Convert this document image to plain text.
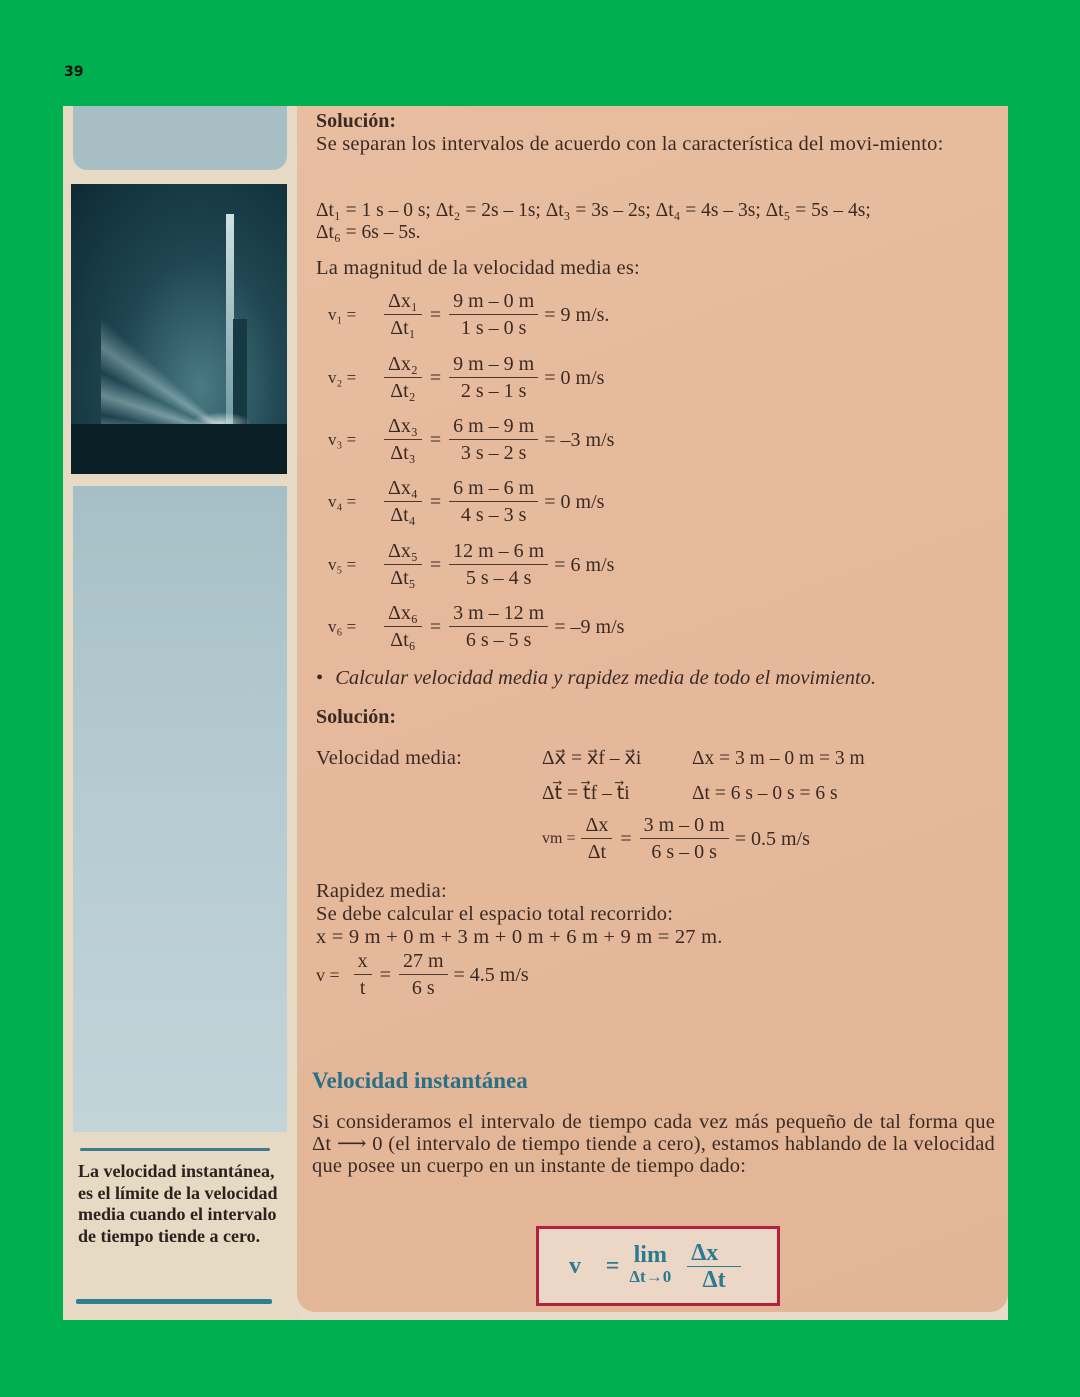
39
La velocidad instantánea, es el límite de la velocidad media cuando el intervalo de tiempo tiende a cero.
Solución:
Se separan los intervalos de acuerdo con la característica del movi-miento:
Δt₁ = 1 s – 0 s; Δt₂ = 2s – 1s; Δt₃ = 3s – 2s; Δt₄ = 4s – 3s; Δt₅ = 5s – 4s;
Δt₆ = 6s – 5s.
La magnitud de la velocidad media es:
v₁ =	$\frac{\text{Δx₁}}{\text{Δt₁}} = \frac{9 m - 0 m}{1 s - 0 s} = 9$ m/s.
v₂ =	$\frac{\text{Δx₂}}{\text{Δt₂}} = \frac{9 m - 9 m}{2 s - 1 s} = 0$ m/s
v₃ =	$\frac{\text{Δx₃}}{\text{Δt₃}} = \frac{6 m - 9 m}{3 s - 2 s} = -3$ m/s
v₄ =	$\frac{\text{Δx₄}}{\text{Δt₄}} = \frac{6 m - 6 m}{4 s - 3 s} = 0$ m/s
v₅ =	$\frac{\text{Δx₅}}{\text{Δt₅}} = \frac{12 m - 6 m}{5 s - 4 s} = 6$ m/s
v₆ =	$\frac{\text{Δx₆}}{\text{Δt₆}} = \frac{3 m - 12 m}{6 s - 5 s} = -9$ m/s
• Calcular velocidad media y rapidez media de todo el movimiento.
Solución:
Velocidad media:	Δx⃗ = x⃗f – x⃗i	Δx = 3 m – 0 m = 3 m
Δt⃗ = t⃗f – t⃗i	Δt = 6 s – 0 s = 6 s
vm = $\frac{\Delta x}{\Delta t} = \frac{3 m - 0 m}{6 s - 0 s} = 0.5$ m/s
Rapidez media:
Se debe calcular el espacio total recorrido:
x = 9 m + 0 m + 3 m + 0 m + 6 m + 9 m = 27 m.
$v = \frac{x}{t} = \frac{27 m}{6 s} = 4.5$ m/s
Velocidad instantánea
Si consideramos el intervalo de tiempo cada vez más pequeño de tal forma que Δt ⟶ 0 (el intervalo de tiempo tiende a cero), estamos hablando de la velocidad que posee un cuerpo en un instante de tiempo dado:
v⃗ = lim
$\Delta t\to 0 \frac{\Delta x⃗}{\Delta t}$
